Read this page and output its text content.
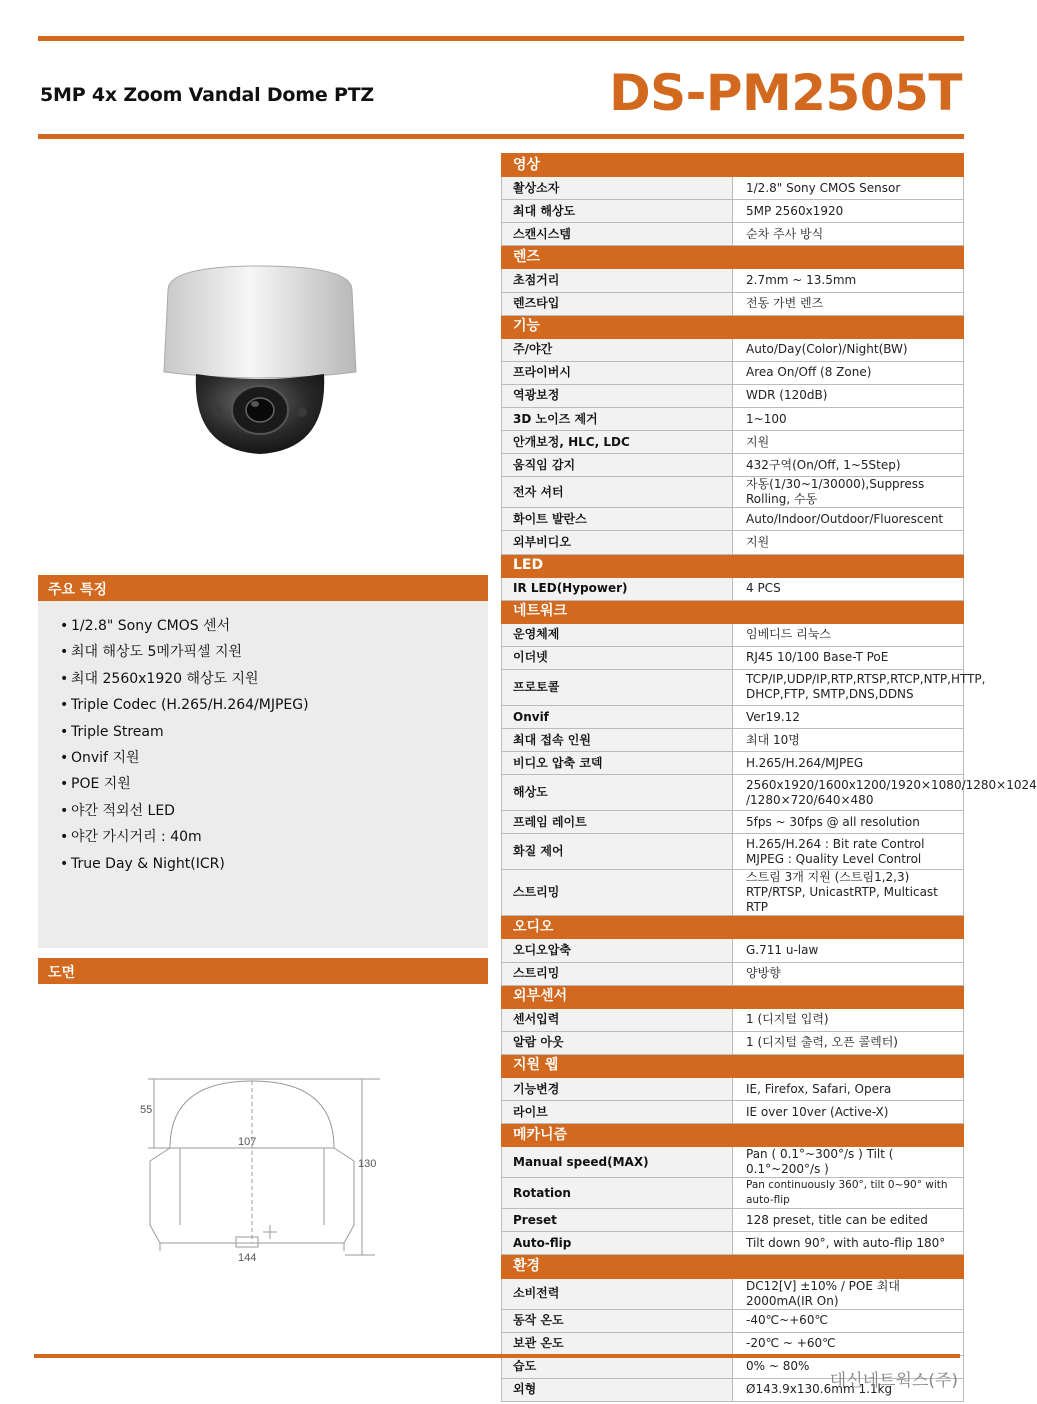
5MP 4x Zoom Vandal Dome PTZ	DS-PM2505T
주요 특징
• 1/2.8" Sony CMOS 센서
• 최대 해상도 5메가픽셀 지원
• 최대 2560x1920 해상도 지원
• Triple Codec (H.265/H.264/MJPEG)
• Triple Stream
• Onvif 지원
• POE 지원
• 야간 적외선 LED
• 야간 가시거리 : 40m
• True Day & Night(ICR)
도면
55
107
130
144
영상	
촬상소자	1/2.8" Sony CMOS Sensor
최대 해상도	5MP 2560x1920
스캔시스템	순차 주사 방식
렌즈	
초점거리	2.7mm ~ 13.5mm
렌즈타입	전동 가변 렌즈
기능	
주/야간	Auto/Day(Color)/Night(BW)
프라이버시	Area On/Off (8 Zone)
역광보정	WDR (120dB)
3D 노이즈 제거	1~100
안개보정, HLC, LDC	지원
움직임 감지	432구역(On/Off, 1~5Step)
전자 셔터	자동(1/30~1/30000),Suppress Rolling, 수동
화이트 발란스	Auto/Indoor/Outdoor/Fluorescent
외부비디오	지원
LED	
IR LED(Hypower)	4 PCS
네트워크	
운영체제	임베디드 리눅스
이더넷	RJ45 10/100 Base-T PoE
프로토콜	TCP/IP,UDP/IP,RTP,RTSP,RTCP,NTP,HTTP, DHCP,FTP, SMTP,DNS,DDNS
Onvif	Ver19.12
최대 접속 인원	최대 10명
비디오 압축 코덱	H.265/H.264/MJPEG
해상도	2560x1920/1600x1200/1920×1080/1280×1024 /1280×720/640×480
프레임 레이트	5fps ~ 30fps @ all resolution
화질 제어	H.265/H.264 : Bit rate Control MJPEG : Quality Level Control
스트리밍	스트림 3개 지원 (스트림1,2,3) RTP/RTSP, UnicastRTP, Multicast RTP
오디오	
오디오압축	G.711 u-law
스트리밍	양방향
외부센서	
센서입력	1 (디지털 입력)
알람 아웃	1 (디지털 출력, 오픈 콜렉터)
지원 웹	
기능변경	IE, Firefox, Safari, Opera
라이브	IE over 10ver (Active-X)
메카니즘	
Manual speed(MAX)	Pan ( 0.1°~300°/s ) Tilt ( 0.1°~200°/s )
Rotation	Pan continuously 360°, tilt 0~90° with auto-flip
Preset	128 preset, title can be edited
Auto-flip	Tilt down 90°, with auto-flip 180°
환경	
소비전력	DC12[V] ±10% / POE 최대 2000mA(IR On)
동작 온도	-40℃~+60℃
보관 온도	-20℃ ~ +60℃
습도	0% ~ 80%
외형	Ø143.9x130.6mm 1.1kg
대신네트웍스(주)
